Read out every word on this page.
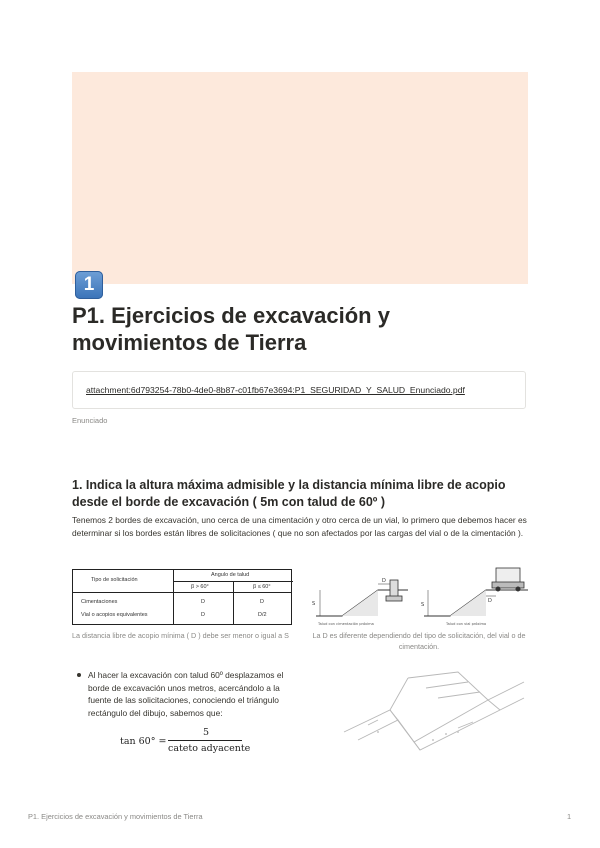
1
P1. Ejercicios de excavación y movimientos de Tierra
attachment:6d793254-78b0-4de0-8b87-c01fb67e3694:P1_SEGURIDAD_Y_SALUD_Enunciado.pdf
Enunciado
1. Indica la altura máxima admisible y la distancia mínima libre de acopio desde el borde de excavación ( 5m con talud de 60º )

Tenemos 2 bordes de excavación, uno cerca de una cimentación y otro cerca de un vial, lo primero que debemos hacer es determinar si los bordes están libres de solicitaciones ( que no son afectados por las cargas del vial o de la cimentación ).

Tipo de solicitación
Angulo de talud
β > 60°	β ≤ 60°
Cimentaciones	D	D
Vial o acopios equivalentes	D	D/2
D
S
Talud con cimentación próxima
D
S
Talud con vial próximo
La distancia libre de acopio mínima ( D ) debe ser menor o igual a S	La D es diferente dependiendo del tipo de solicitación, del vial o de cimentación.

Al hacer la excavación con talud 60º desplazamos el borde de excavación unos metros, acercándolo a la fuente de las solicitaciones, conociendo el triángulo rectángulo del dibujo, sabemos que:

tan 60° =
5
cateto adyacente
P1. Ejercicios de excavación y movimientos de Tierra	1
